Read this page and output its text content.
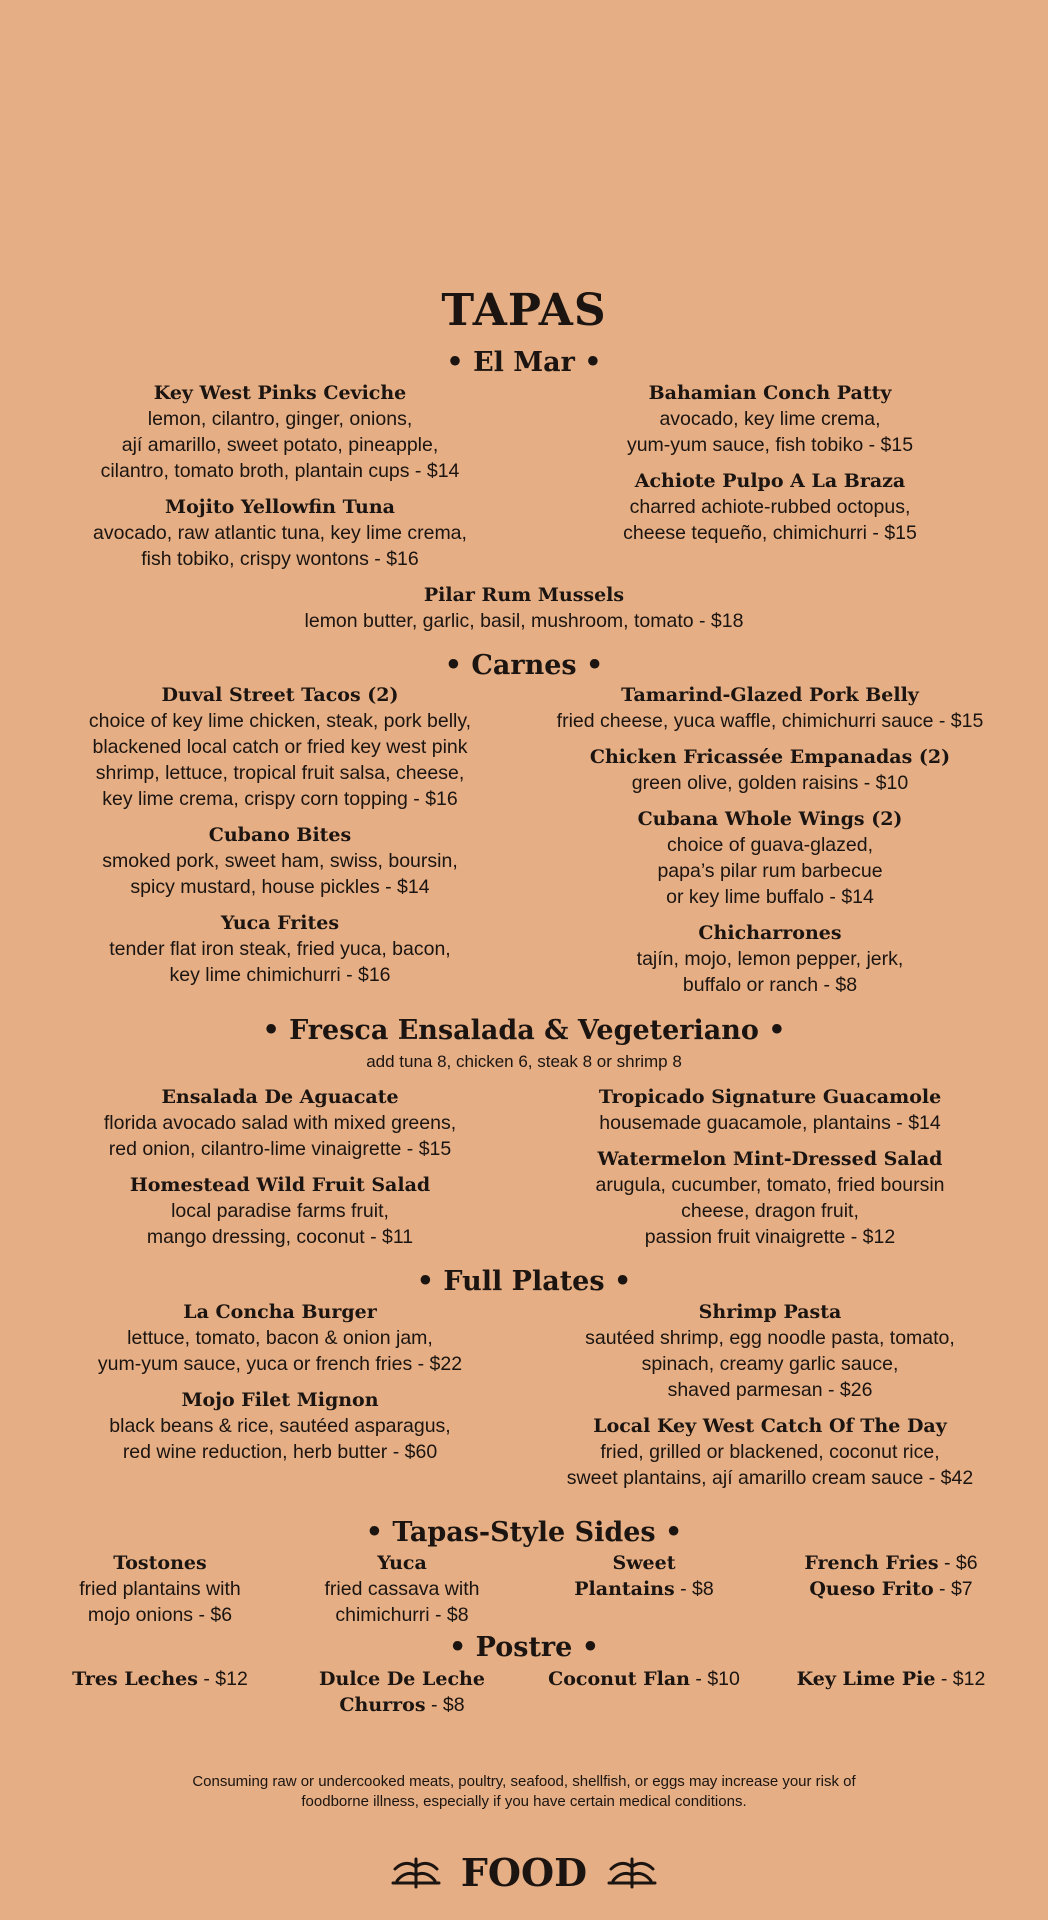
TAPAS
• El Mar •
Key West Pinks Ceviche
lemon, cilantro, ginger, onions,
ají amarillo, sweet potato, pineapple,
cilantro, tomato broth, plantain cups - $14
Mojito Yellowfin Tuna
avocado, raw atlantic tuna, key lime crema,
fish tobiko, crispy wontons - $16
Bahamian Conch Patty
avocado, key lime crema,
yum-yum sauce, fish tobiko - $15
Achiote Pulpo A La Braza
charred achiote-rubbed octopus,
cheese tequeño, chimichurri - $15
Pilar Rum Mussels
lemon butter, garlic, basil, mushroom, tomato - $18
• Carnes •
Duval Street Tacos (2)
choice of key lime chicken, steak, pork belly,
blackened local catch or fried key west pink
shrimp, lettuce, tropical fruit salsa, cheese,
key lime crema, crispy corn topping - $16
Cubano Bites
smoked pork, sweet ham, swiss, boursin,
spicy mustard, house pickles - $14
Yuca Frites
tender flat iron steak, fried yuca, bacon,
key lime chimichurri - $16
Tamarind-Glazed Pork Belly
fried cheese, yuca waffle, chimichurri sauce - $15
Chicken Fricassée Empanadas (2)
green olive, golden raisins - $10
Cubana Whole Wings (2)
choice of guava-glazed,
papa’s pilar rum barbecue
or key lime buffalo - $14
Chicharrones
tajín, mojo, lemon pepper, jerk,
buffalo or ranch - $8
• Fresca Ensalada & Vegeteriano •
add tuna 8, chicken 6, steak 8 or shrimp 8
Ensalada De Aguacate
florida avocado salad with mixed greens,
red onion, cilantro-lime vinaigrette - $15
Homestead Wild Fruit Salad
local paradise farms fruit,
mango dressing, coconut - $11
Tropicado Signature Guacamole
housemade guacamole, plantains - $14
Watermelon Mint-Dressed Salad
arugula, cucumber, tomato, fried boursin
cheese, dragon fruit,
passion fruit vinaigrette - $12
• Full Plates •
La Concha Burger
lettuce, tomato, bacon & onion jam,
yum-yum sauce, yuca or french fries - $22
Mojo Filet Mignon
black beans & rice, sautéed asparagus,
red wine reduction, herb butter - $60
Shrimp Pasta
sautéed shrimp, egg noodle pasta, tomato,
spinach, creamy garlic sauce,
shaved parmesan - $26
Local Key West Catch Of The Day
fried, grilled or blackened, coconut rice,
sweet plantains, ají amarillo cream sauce - $42
• Tapas-Style Sides •
Tostones
fried plantains with
mojo onions - $6
Yuca
fried cassava with
chimichurri - $8
Sweet
Plantains - $8
French Fries - $6
Queso Frito - $7
• Postre •
Tres Leches - $12	Dulce De Leche
Churros - $8
Coconut Flan - $10	Key Lime Pie - $12
Consuming raw or undercooked meats, poultry, seafood, shellfish, or eggs may increase your risk of
foodborne illness, especially if you have certain medical conditions.
FOOD
